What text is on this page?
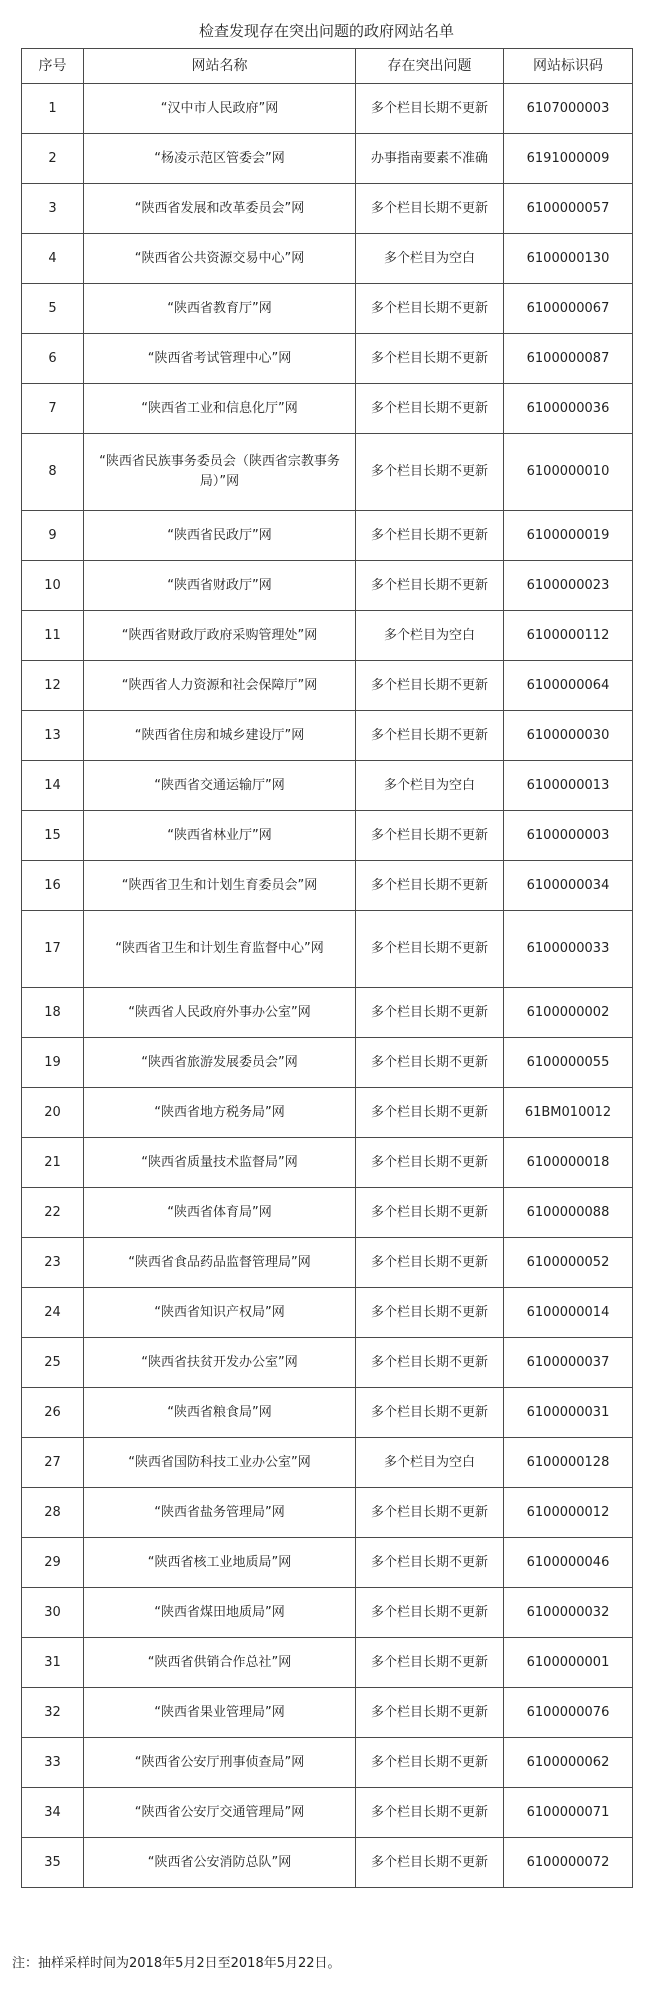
检查发现存在突出问题的政府网站名单
序号	网站名称	存在突出问题	网站标识码
1	“汉中市人民政府”网	多个栏目长期不更新	6107000003
2	“杨凌示范区管委会”网	办事指南要素不准确	6191000009
3	“陕西省发展和改革委员会”网	多个栏目长期不更新	6100000057
4	“陕西省公共资源交易中心”网	多个栏目为空白	6100000130
5	“陕西省教育厅”网	多个栏目长期不更新	6100000067
6	“陕西省考试管理中心”网	多个栏目长期不更新	6100000087
7	“陕西省工业和信息化厅”网	多个栏目长期不更新	6100000036
8	“陕西省民族事务委员会（陕西省宗教事务局）”网	多个栏目长期不更新	6100000010
9	“陕西省民政厅”网	多个栏目长期不更新	6100000019
10	“陕西省财政厅”网	多个栏目长期不更新	6100000023
11	“陕西省财政厅政府采购管理处”网	多个栏目为空白	6100000112
12	“陕西省人力资源和社会保障厅”网	多个栏目长期不更新	6100000064
13	“陕西省住房和城乡建设厅”网	多个栏目长期不更新	6100000030
14	“陕西省交通运输厅”网	多个栏目为空白	6100000013
15	“陕西省林业厅”网	多个栏目长期不更新	6100000003
16	“陕西省卫生和计划生育委员会”网	多个栏目长期不更新	6100000034
17	“陕西省卫生和计划生育监督中心”网	多个栏目长期不更新	6100000033
18	“陕西省人民政府外事办公室”网	多个栏目长期不更新	6100000002
19	“陕西省旅游发展委员会”网	多个栏目长期不更新	6100000055
20	“陕西省地方税务局”网	多个栏目长期不更新	61BM010012
21	“陕西省质量技术监督局”网	多个栏目长期不更新	6100000018
22	“陕西省体育局”网	多个栏目长期不更新	6100000088
23	“陕西省食品药品监督管理局”网	多个栏目长期不更新	6100000052
24	“陕西省知识产权局”网	多个栏目长期不更新	6100000014
25	“陕西省扶贫开发办公室”网	多个栏目长期不更新	6100000037
26	“陕西省粮食局”网	多个栏目长期不更新	6100000031
27	“陕西省国防科技工业办公室”网	多个栏目为空白	6100000128
28	“陕西省盐务管理局”网	多个栏目长期不更新	6100000012
29	“陕西省核工业地质局”网	多个栏目长期不更新	6100000046
30	“陕西省煤田地质局”网	多个栏目长期不更新	6100000032
31	“陕西省供销合作总社”网	多个栏目长期不更新	6100000001
32	“陕西省果业管理局”网	多个栏目长期不更新	6100000076
33	“陕西省公安厅刑事侦查局”网	多个栏目长期不更新	6100000062
34	“陕西省公安厅交通管理局”网	多个栏目长期不更新	6100000071
35	“陕西省公安消防总队”网	多个栏目长期不更新	6100000072
注：抽样采样时间为2018年5月2日至2018年5月22日。
